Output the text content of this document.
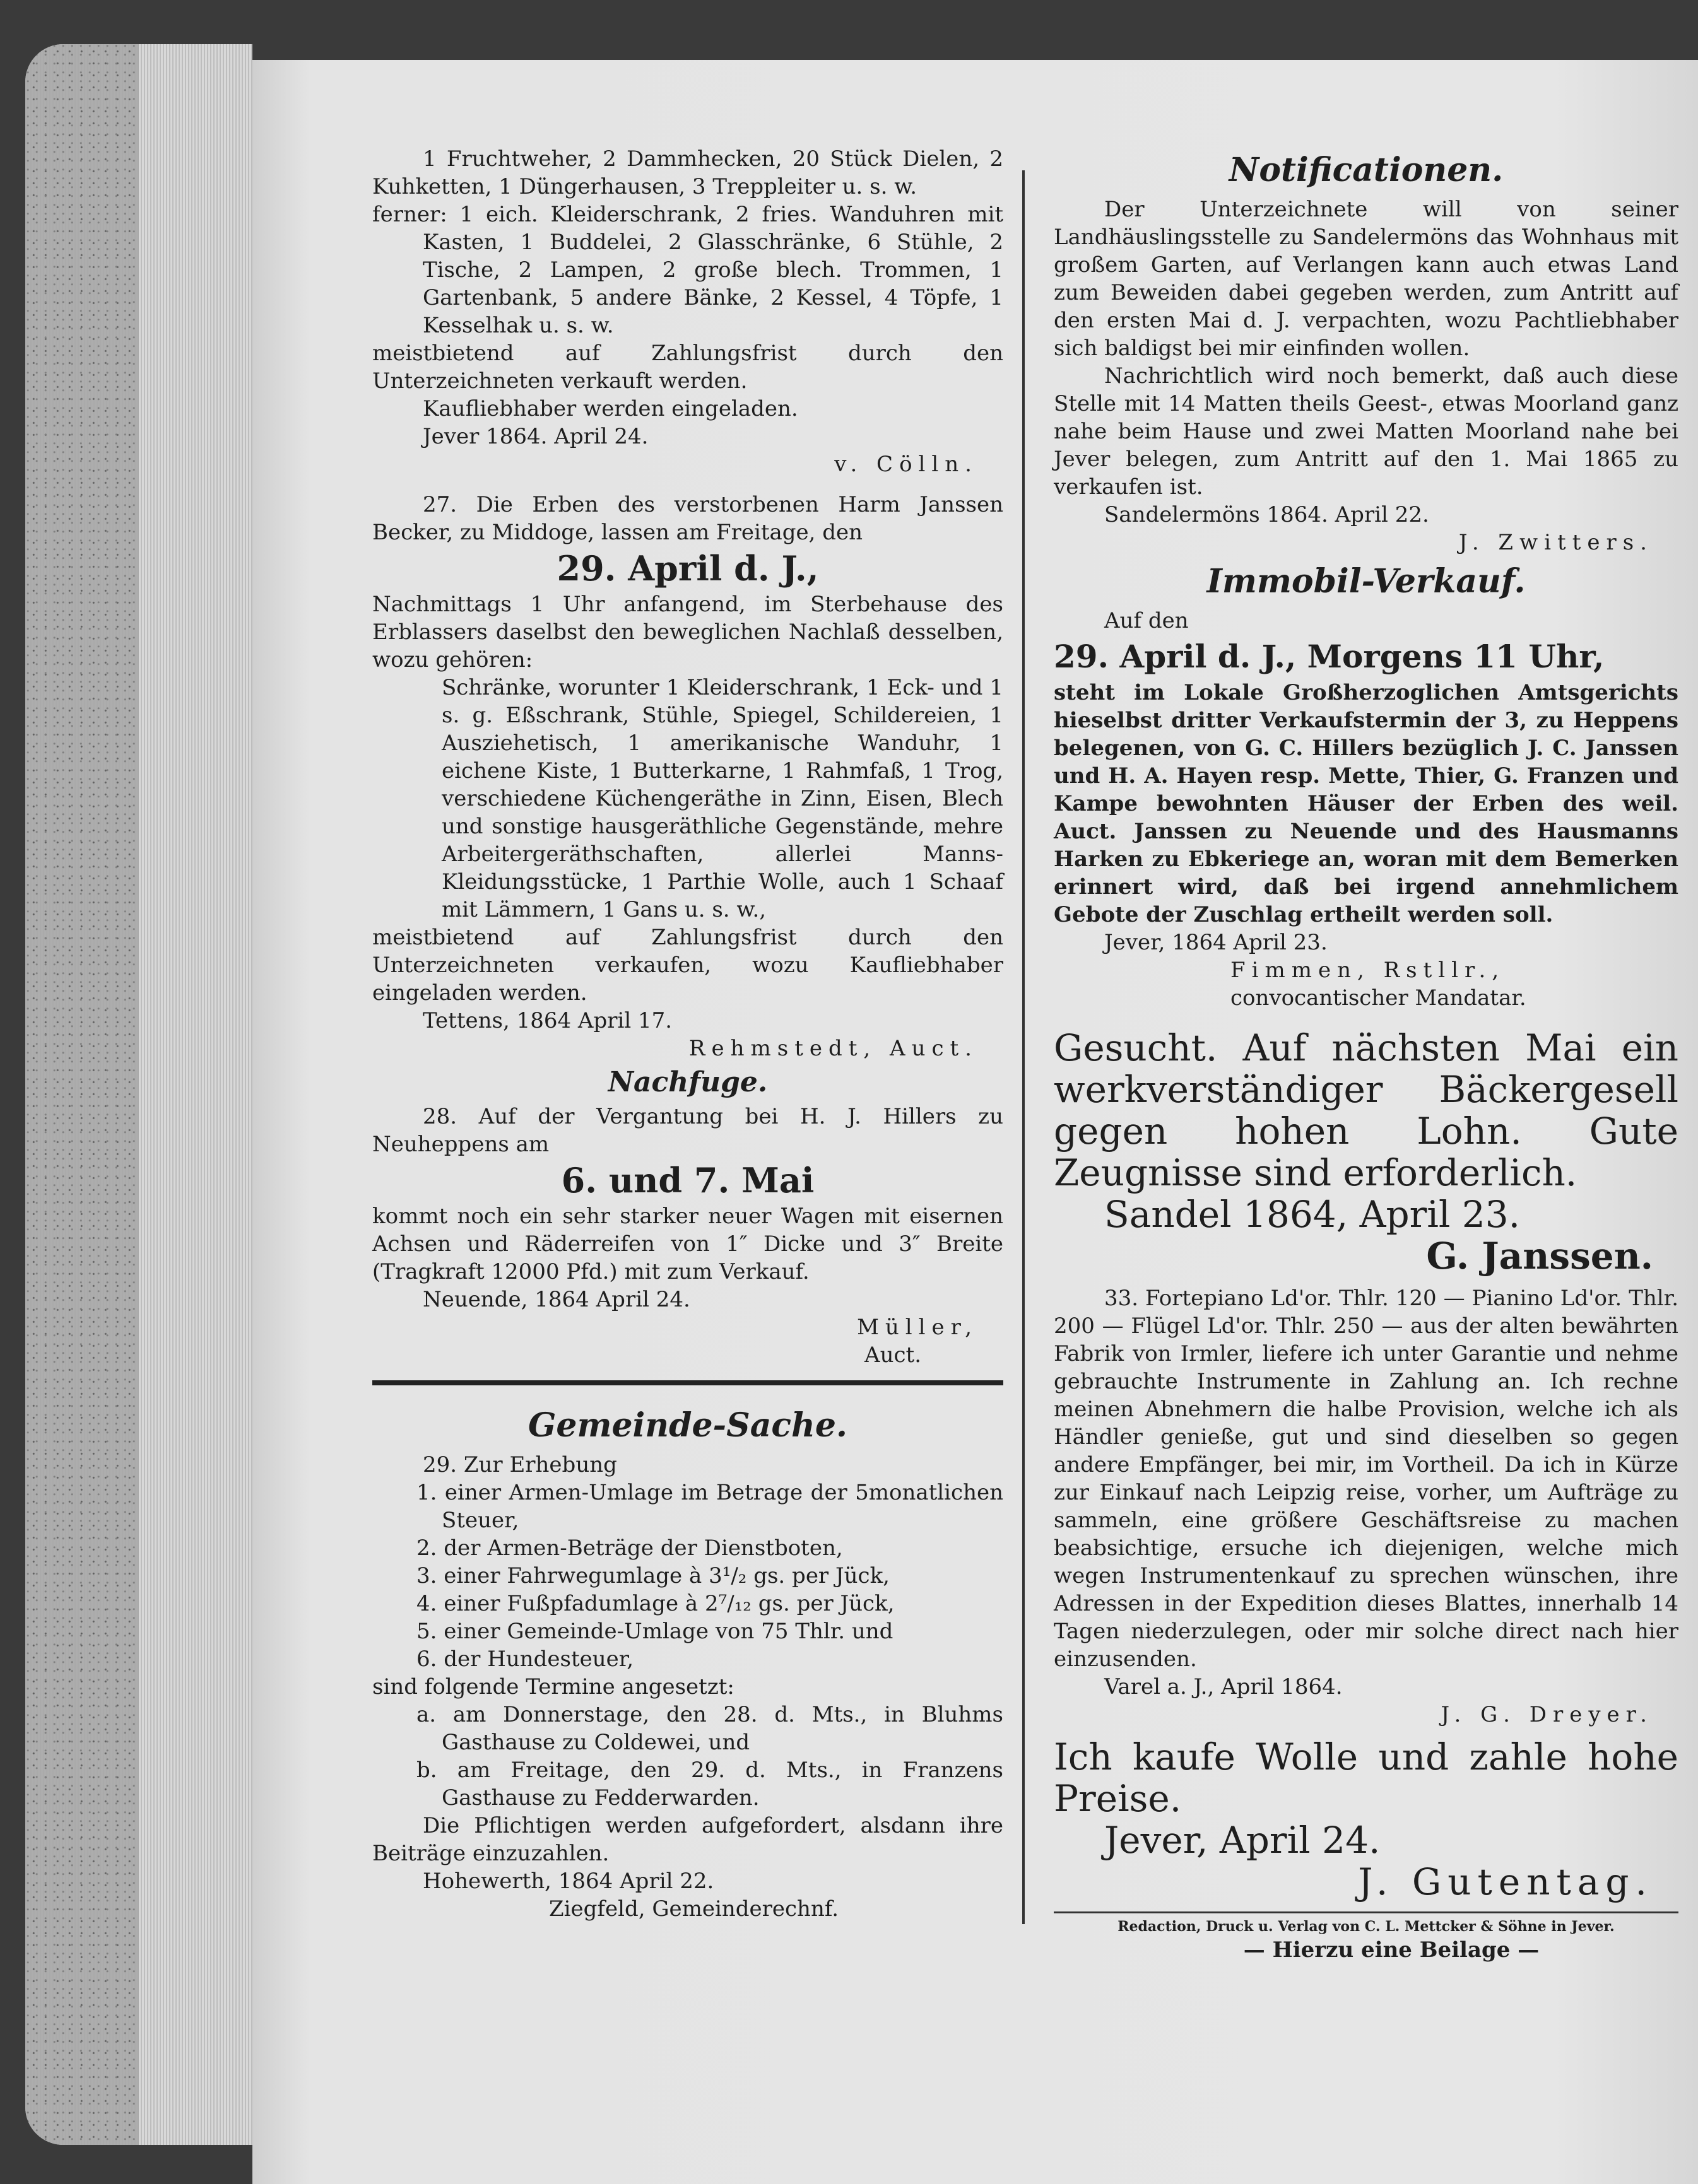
1 Fruchtweher, 2 Dammhecken, 20 Stück Dielen, 2 Kuhketten, 1 Düngerhausen, 3 Treppleiter u. s. w.

ferner: 1 eich. Kleiderschrank, 2 fries. Wanduhren mit Kasten, 1 Buddelei, 2 Glasschränke, 6 Stühle, 2 Tische, 2 Lampen, 2 große blech. Trommen, 1 Gartenbank, 5 andere Bänke, 2 Kessel, 4 Töpfe, 1 Kesselhak u. s. w.

meistbietend auf Zahlungsfrist durch den Unterzeichneten verkauft werden.

Kaufliebhaber werden eingeladen.

Jever 1864. April 24.

v. Cölln.

27. Die Erben des verstorbenen Harm Janssen Becker, zu Middoge, lassen am Freitage, den

29. April d. J.,

Nachmittags 1 Uhr anfangend, im Sterbehause des Erblassers daselbst den beweglichen Nachlaß desselben, wozu gehören:

Schränke, worunter 1 Kleiderschrank, 1 Eck- und 1 s. g. Eßschrank, Stühle, Spiegel, Schildereien, 1 Ausziehetisch, 1 amerikanische Wanduhr, 1 eichene Kiste, 1 Butterkarne, 1 Rahmfaß, 1 Trog, verschiedene Küchengeräthe in Zinn, Eisen, Blech und sonstige hausgeräthliche Gegenstände, mehre Arbeitergeräthschaften, allerlei Manns-Kleidungsstücke, 1 Parthie Wolle, auch 1 Schaaf mit Lämmern, 1 Gans u. s. w.,

meistbietend auf Zahlungsfrist durch den Unterzeichneten verkaufen, wozu Kaufliebhaber eingeladen werden.

Tettens, 1864 April 17.

Rehmstedt, Auct.

Nachfuge.

28. Auf der Vergantung bei H. J. Hillers zu Neuheppens am

6. und 7. Mai

kommt noch ein sehr starker neuer Wagen mit eisernen Achsen und Räderreifen von 1″ Dicke und 3″ Breite (Tragkraft 12000 Pfd.) mit zum Verkauf.

Neuende, 1864 April 24.

Müller,

Auct.

Gemeinde-Sache.

29. Zur Erhebung

1. einer Armen-Umlage im Betrage der 5monatlichen Steuer,

2. der Armen-Beträge der Dienstboten,

3. einer Fahrwegumlage à 3¹/₂ gs. per Jück,

4. einer Fußpfadumlage à 2⁷/₁₂ gs. per Jück,

5. einer Gemeinde-Umlage von 75 Thlr. und

6. der Hundesteuer,

sind folgende Termine angesetzt:

a. am Donnerstage, den 28. d. Mts., in Bluhms Gasthause zu Coldewei, und

b. am Freitage, den 29. d. Mts., in Franzens Gasthause zu Fedderwarden.

Die Pflichtigen werden aufgefordert, alsdann ihre Beiträge einzuzahlen.

Hohewerth, 1864 April 22.

Ziegfeld, Gemeinderechnf.

Notificationen.

Der Unterzeichnete will von seiner Landhäuslingsstelle zu Sandelermöns das Wohnhaus mit großem Garten, auf Verlangen kann auch etwas Land zum Beweiden dabei gegeben werden, zum Antritt auf den ersten Mai d. J. verpachten, wozu Pachtliebhaber sich baldigst bei mir einfinden wollen.

Nachrichtlich wird noch bemerkt, daß auch diese Stelle mit 14 Matten theils Geest-, etwas Moorland ganz nahe beim Hause und zwei Matten Moorland nahe bei Jever belegen, zum Antritt auf den 1. Mai 1865 zu verkaufen ist.

Sandelermöns 1864. April 22.

J. Zwitters.

Immobil-Verkauf.

Auf den

29. April d. J., Morgens 11 Uhr,

steht im Lokale Großherzoglichen Amtsgerichts hieselbst dritter Verkaufstermin der 3, zu Heppens belegenen, von G. C. Hillers bezüglich J. C. Janssen und H. A. Hayen resp. Mette, Thier, G. Franzen und Kampe bewohnten Häuser der Erben des weil. Auct. Janssen zu Neuende und des Hausmanns Harken zu Ebkeriege an, woran mit dem Bemerken erinnert wird, daß bei irgend annehmlichem Gebote der Zuschlag ertheilt werden soll.

Jever, 1864 April 23.

Fimmen, Rstllr.,

convocantischer Mandatar.

Gesucht. Auf nächsten Mai ein werkverständiger Bäckergesell gegen hohen Lohn. Gute Zeugnisse sind erforderlich.

Sandel 1864, April 23.

G. Janssen.

33. Fortepiano Ld'or. Thlr. 120 — Pianino Ld'or. Thlr. 200 — Flügel Ld'or. Thlr. 250 — aus der alten bewährten Fabrik von Irmler, liefere ich unter Garantie und nehme gebrauchte Instrumente in Zahlung an. Ich rechne meinen Abnehmern die halbe Provision, welche ich als Händler genieße, gut und sind dieselben so gegen andere Empfänger, bei mir, im Vortheil. Da ich in Kürze zur Einkauf nach Leipzig reise, vorher, um Aufträge zu sammeln, eine größere Geschäftsreise zu machen beabsichtige, ersuche ich diejenigen, welche mich wegen Instrumentenkauf zu sprechen wünschen, ihre Adressen in der Expedition dieses Blattes, innerhalb 14 Tagen niederzulegen, oder mir solche direct nach hier einzusenden.

Varel a. J., April 1864.

J. G. Dreyer.

Ich kaufe Wolle und zahle hohe Preise.

Jever, April 24.

J. Gutentag.

Redaction, Druck u. Verlag von C. L. Mettcker & Söhne in Jever.

— Hierzu eine Beilage —
